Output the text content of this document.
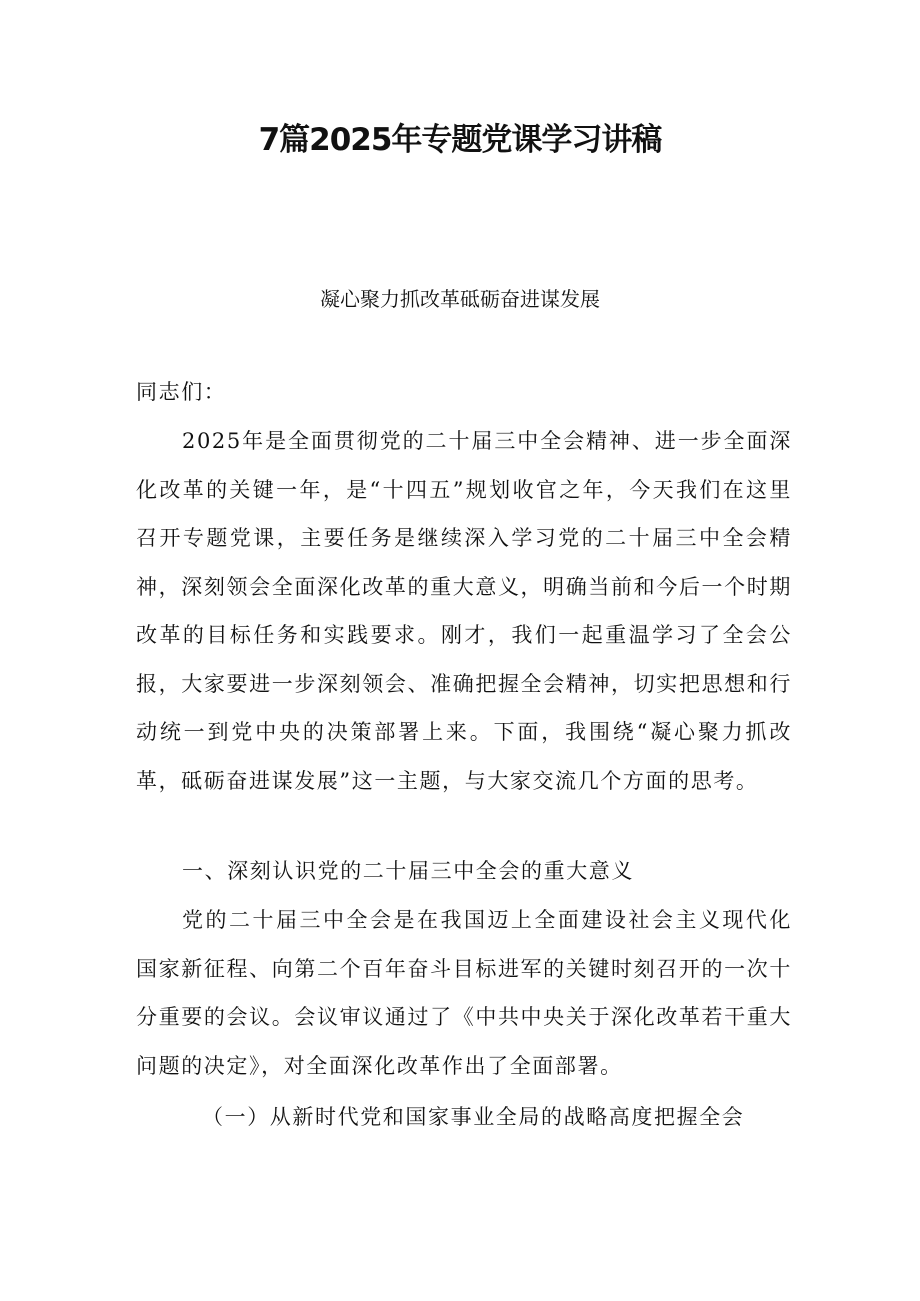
7篇2025年专题党课学习讲稿
凝心聚力抓改革砥砺奋进谋发展

同志们：

2025年是全面贯彻党的二十届三中全会精神、进一步全面深化改革的关键一年，是“十四五”规划收官之年，今天我们在这里召开专题党课，主要任务是继续深入学习党的二十届三中全会精神，深刻领会全面深化改革的重大意义，明确当前和今后一个时期改革的目标任务和实践要求。刚才，我们一起重温学习了全会公报，大家要进一步深刻领会、准确把握全会精神，切实把思想和行动统一到党中央的决策部署上来。下面，我围绕“凝心聚力抓改革，砥砺奋进谋发展”这一主题，与大家交流几个方面的思考。

一、深刻认识党的二十届三中全会的重大意义

党的二十届三中全会是在我国迈上全面建设社会主义现代化国家新征程、向第二个百年奋斗目标进军的关键时刻召开的一次十分重要的会议。会议审议通过了《中共中央关于深化改革若干重大问题的决定》，对全面深化改革作出了全面部署。

（一）从新时代党和国家事业全局的战略高度把握全会
